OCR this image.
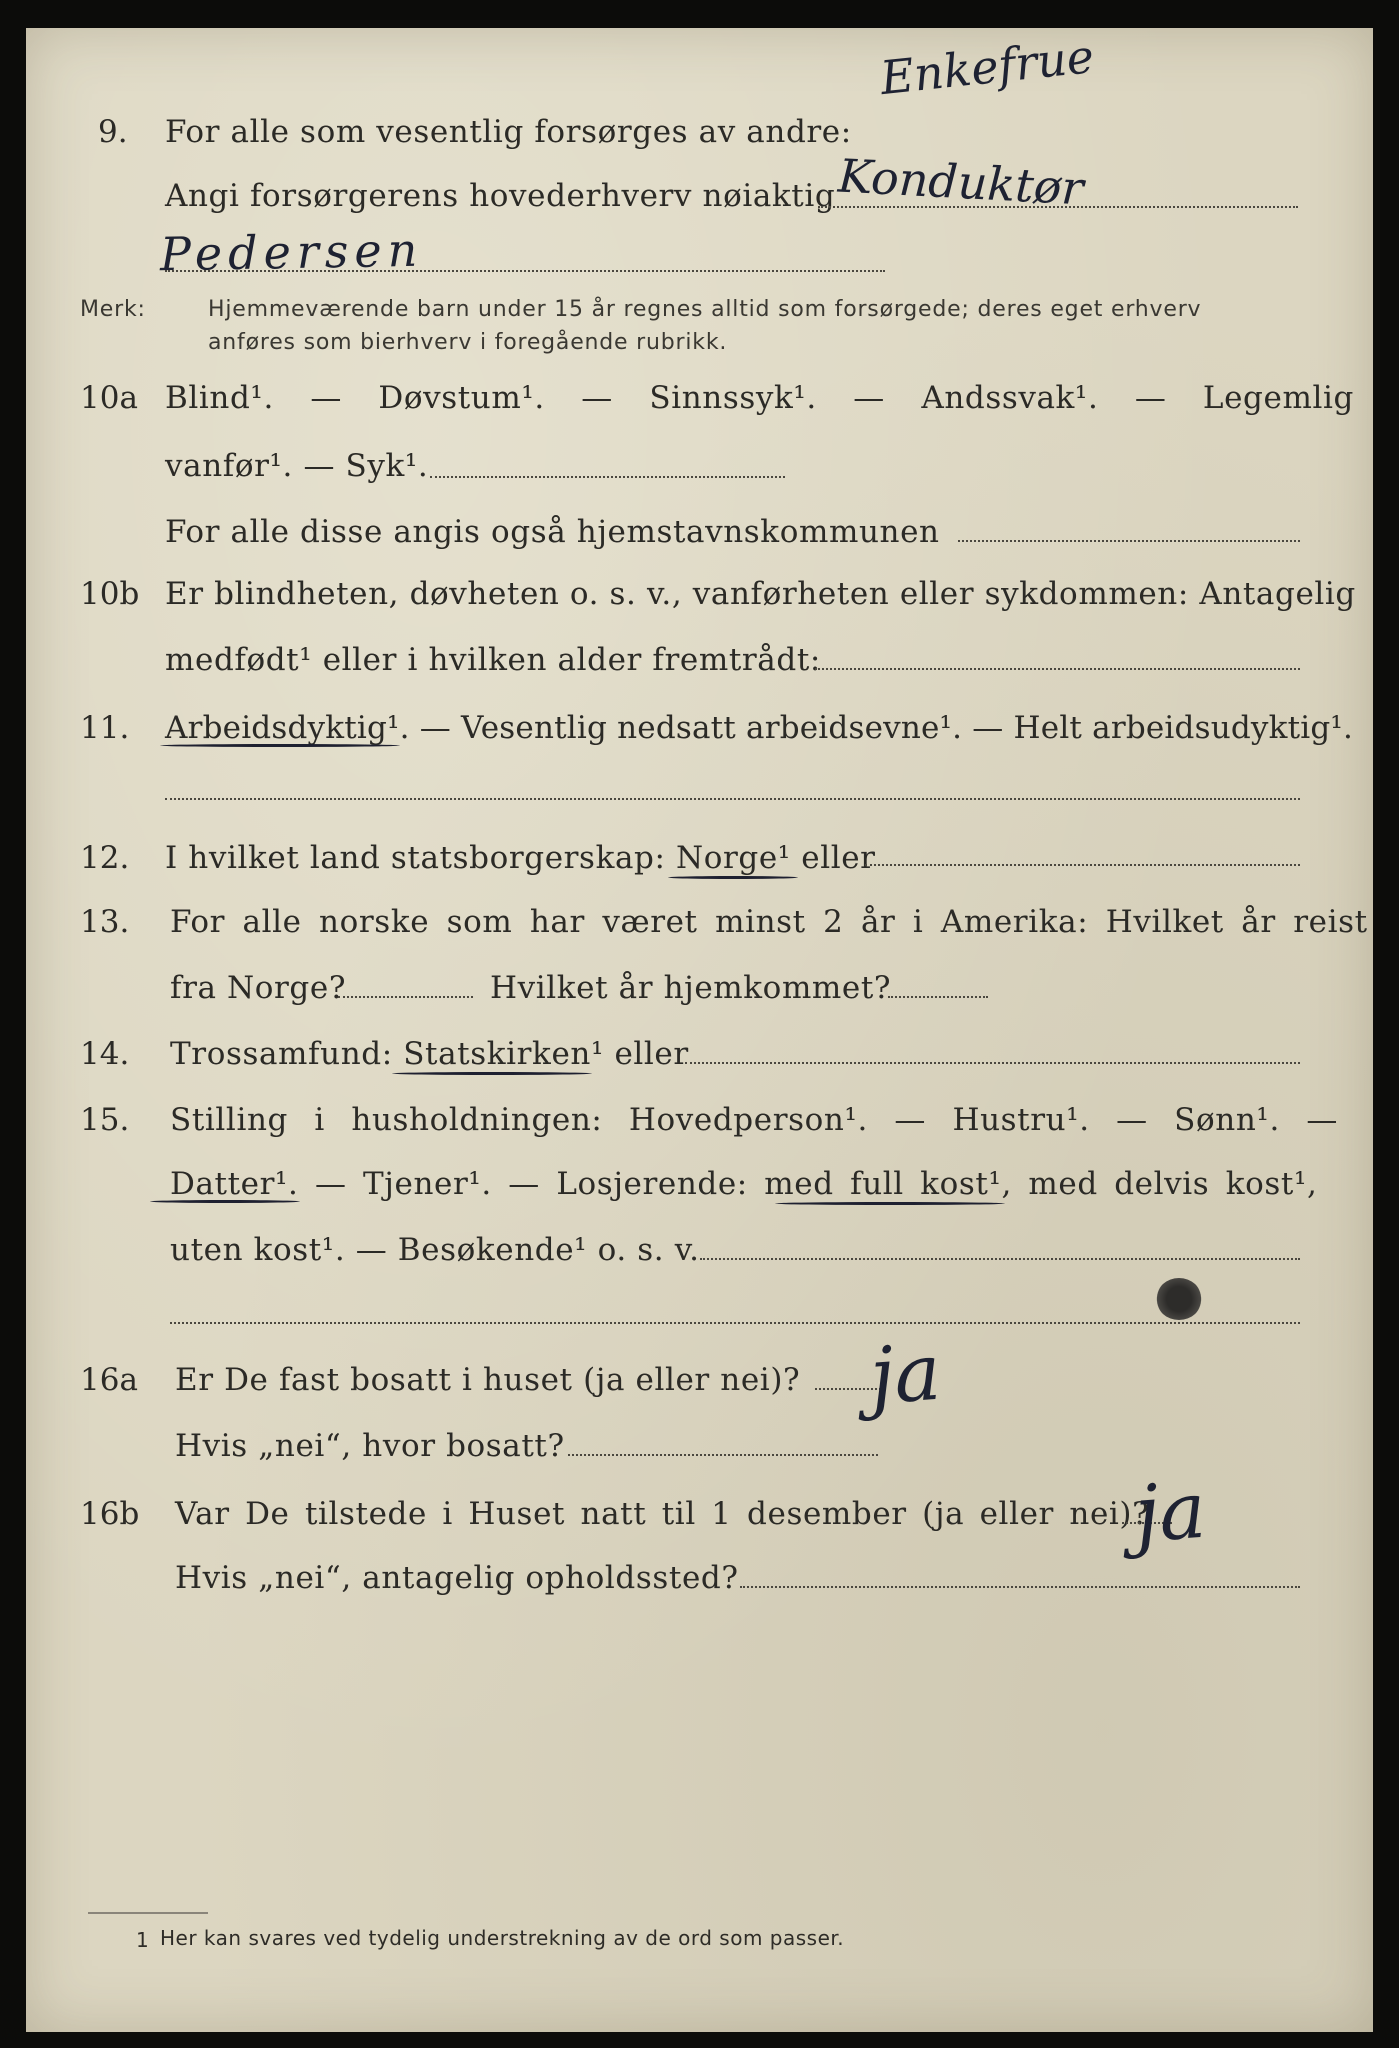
9. For alle som vesentlig forsørges av andre:
Enkefrue
Angi forsørgerens hovederhverv nøiaktig Konduktør
Pedersen
Merk:	Hjemmeværende barn under 15 år regnes alltid som forsørgede; deres eget erhverv
anføres som bierhverv i foregående rubrikk.
10a Blind¹. — Døvstum¹. — Sinnssyk¹. — Andssvak¹. — Legemlig
vanfør¹. — Syk¹.
For alle disse angis også hjemstavnskommunen
10b Er blindheten, døvheten o. s. v., vanførheten eller sykdommen: Antagelig
medfødt¹ eller i hvilken alder fremtrådt:
11. Arbeidsdyktig¹. — Vesentlig nedsatt arbeidsevne¹. — Helt arbeidsudyktig¹.
12. I hvilket land statsborgerskap: Norge¹ eller
13. For alle norske som har været minst 2 år i Amerika: Hvilket år reist
fra Norge?	Hvilket år hjemkommet?
14. Trossamfund: Statskirken¹ eller
15. Stilling i husholdningen: Hovedperson¹. — Hustru¹. — Sønn¹. —
Datter¹. — Tjener¹. — Losjerende: med full kost¹, med delvis kost¹,
uten kost¹. — Besøkende¹ o. s. v.
16a Er De fast bosatt i huset (ja eller nei)? ja
Hvis „nei“, hvor bosatt?
16b Var De tilstede i Huset natt til 1 desember (ja eller nei)?
ja
Hvis „nei“, antagelig opholdssted?
1 Her kan svares ved tydelig understrekning av de ord som passer.
